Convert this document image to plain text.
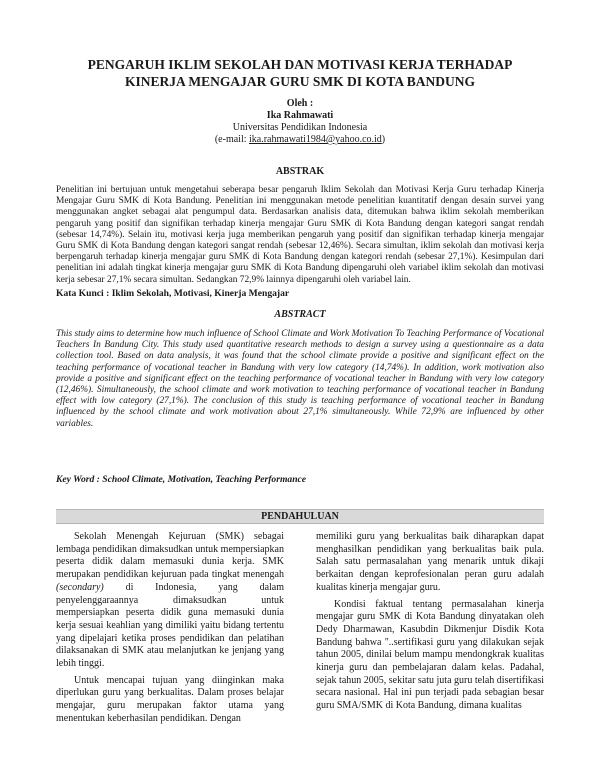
PENGARUH IKLIM SEKOLAH DAN MOTIVASI KERJA TERHADAP
KINERJA MENGAJAR GURU SMK DI KOTA BANDUNG
Oleh :
Ika Rahmawati
Universitas Pendidikan Indonesia
(e-mail: ika.rahmawati1984@yahoo.co.id)
ABSTRAK
Penelitian ini bertujuan untuk mengetahui seberapa besar pengaruh Iklim Sekolah dan Motivasi Kerja Guru terhadap Kinerja Mengajar Guru SMK di Kota Bandung. Penelitian ini menggunakan metode penelitian kuantitatif dengan desain survei yang menggunakan angket sebagai alat pengumpul data. Berdasarkan analisis data, ditemukan bahwa iklim sekolah memberikan pengaruh yang positif dan signifikan terhadap kinerja mengajar Guru SMK di Kota Bandung dengan kategori sangat rendah (sebesar 14,74%). Selain itu, motivasi kerja juga memberikan pengaruh yang positif dan signifikan terhadap kinerja mengajar Guru SMK di Kota Bandung dengan kategori sangat rendah (sebesar 12,46%). Secara simultan, iklim sekolah dan motivasi kerja berpengaruh terhadap kinerja mengajar guru SMK di Kota Bandung dengan kategori rendah (sebesar 27,1%). Kesimpulan dari penelitian ini adalah tingkat kinerja mengajar guru SMK di Kota Bandung dipengaruhi oleh variabel iklim sekolah dan motivasi kerja sebesar 27,1% secara simultan. Sedangkan 72,9% lainnya dipengaruhi oleh variabel lain.
Kata Kunci : Iklim Sekolah, Motivasi, Kinerja Mengajar
ABSTRACT
This study aims to determine how much influence of School Climate and Work Motivation To Teaching Performance of Vocational Teachers In Bandung City. This study used quantitative research methods to design a survey using a questionnaire as a data collection tool. Based on data analysis, it was found that the school climate provide a positive and significant effect on the teaching performance of vocational teacher in Bandung with very low category (14,74%). In addition, work motivation also provide a positive and significant effect on the teaching performance of vocational teacher in Bandung with very low category (12,46%). Simultaneously, the school climate and work motivation to teaching performance of vocational teacher in Bandung effect with low category (27,1%). The conclusion of this study is teaching performance of vocational teacher in Bandung influenced by the school climate and work motivation about 27,1% simultaneously. While 72,9% are influenced by other variables.
Key Word : School Climate, Motivation, Teaching Performance
PENDAHULUAN

Sekolah Menengah Kejuruan (SMK) sebagai lembaga pendidikan dimaksudkan untuk mempersiapkan peserta didik dalam memasuki dunia kerja. SMK merupakan pendidikan kejuruan pada tingkat menengah (secondary) di Indonesia, yang dalam penyelenggaraannya dimaksudkan untuk mempersiapkan peserta didik guna memasuki dunia kerja sesuai keahlian yang dimiliki yaitu bidang tertentu yang dipelajari ketika proses pendidikan dan pelatihan dilaksanakan di SMK atau melanjutkan ke jenjang yang lebih tinggi.

Untuk mencapai tujuan yang diinginkan maka diperlukan guru yang berkualitas. Dalam proses belajar mengajar, guru merupakan faktor utama yang menentukan keberhasilan pendidikan. Dengan

memiliki guru yang berkualitas baik diharapkan dapat menghasilkan pendidikan yang berkualitas baik pula. Salah satu permasalahan yang menarik untuk dikaji berkaitan dengan keprofesionalan peran guru adalah kualitas kinerja mengajar guru.

Kondisi faktual tentang permasalahan kinerja mengajar guru SMK di Kota Bandung dinyatakan oleh Dedy Dharmawan, Kasubdin Dikmenjur Disdik Kota Bandung bahwa "..sertifikasi guru yang dilakukan sejak tahun 2005, dinilai belum mampu mendongkrak kualitas kinerja guru dan pembelajaran dalam kelas. Padahal, sejak tahun 2005, sekitar satu juta guru telah disertifikasi secara nasional. Hal ini pun terjadi pada sebagian besar guru SMA/SMK di Kota Bandung, dimana kualitas
